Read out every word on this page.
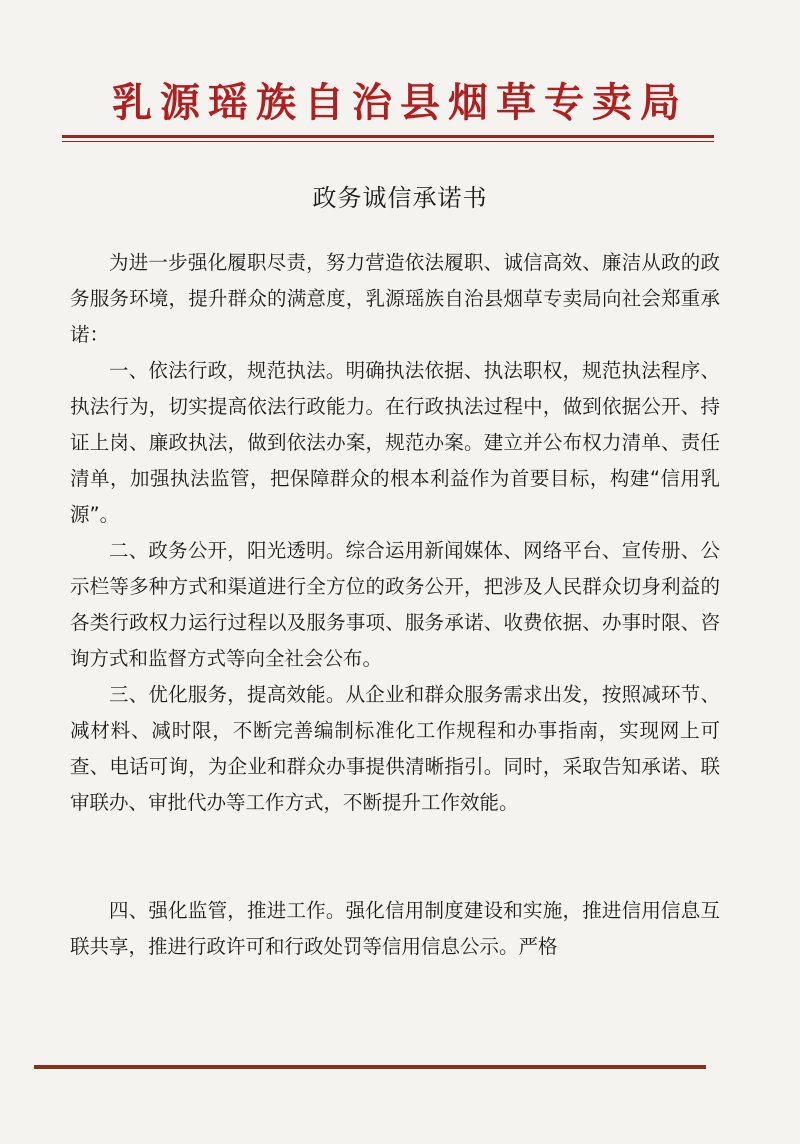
乳源瑶族自治县烟草专卖局
政务诚信承诺书

为进一步强化履职尽责，努力营造依法履职、诚信高效、廉洁从政的政务服务环境，提升群众的满意度，乳源瑶族自治县烟草专卖局向社会郑重承诺：

一、依法行政，规范执法。明确执法依据、执法职权，规范执法程序、执法行为，切实提高依法行政能力。在行政执法过程中，做到依据公开、持证上岗、廉政执法，做到依法办案，规范办案。建立并公布权力清单、责任清单，加强执法监管，把保障群众的根本利益作为首要目标，构建“信用乳源”。

二、政务公开，阳光透明。综合运用新闻媒体、网络平台、宣传册、公示栏等多种方式和渠道进行全方位的政务公开，把涉及人民群众切身利益的各类行政权力运行过程以及服务事项、服务承诺、收费依据、办事时限、咨询方式和监督方式等向全社会公布。

三、优化服务，提高效能。从企业和群众服务需求出发，按照减环节、减材料、减时限，不断完善编制标准化工作规程和办事指南，实现网上可查、电话可询，为企业和群众办事提供清晰指引。同时，采取告知承诺、联审联办、审批代办等工作方式，不断提升工作效能。

四、强化监管，推进工作。强化信用制度建设和实施，推进信用信息互联共享，推进行政许可和行政处罚等信用信息公示。严格
